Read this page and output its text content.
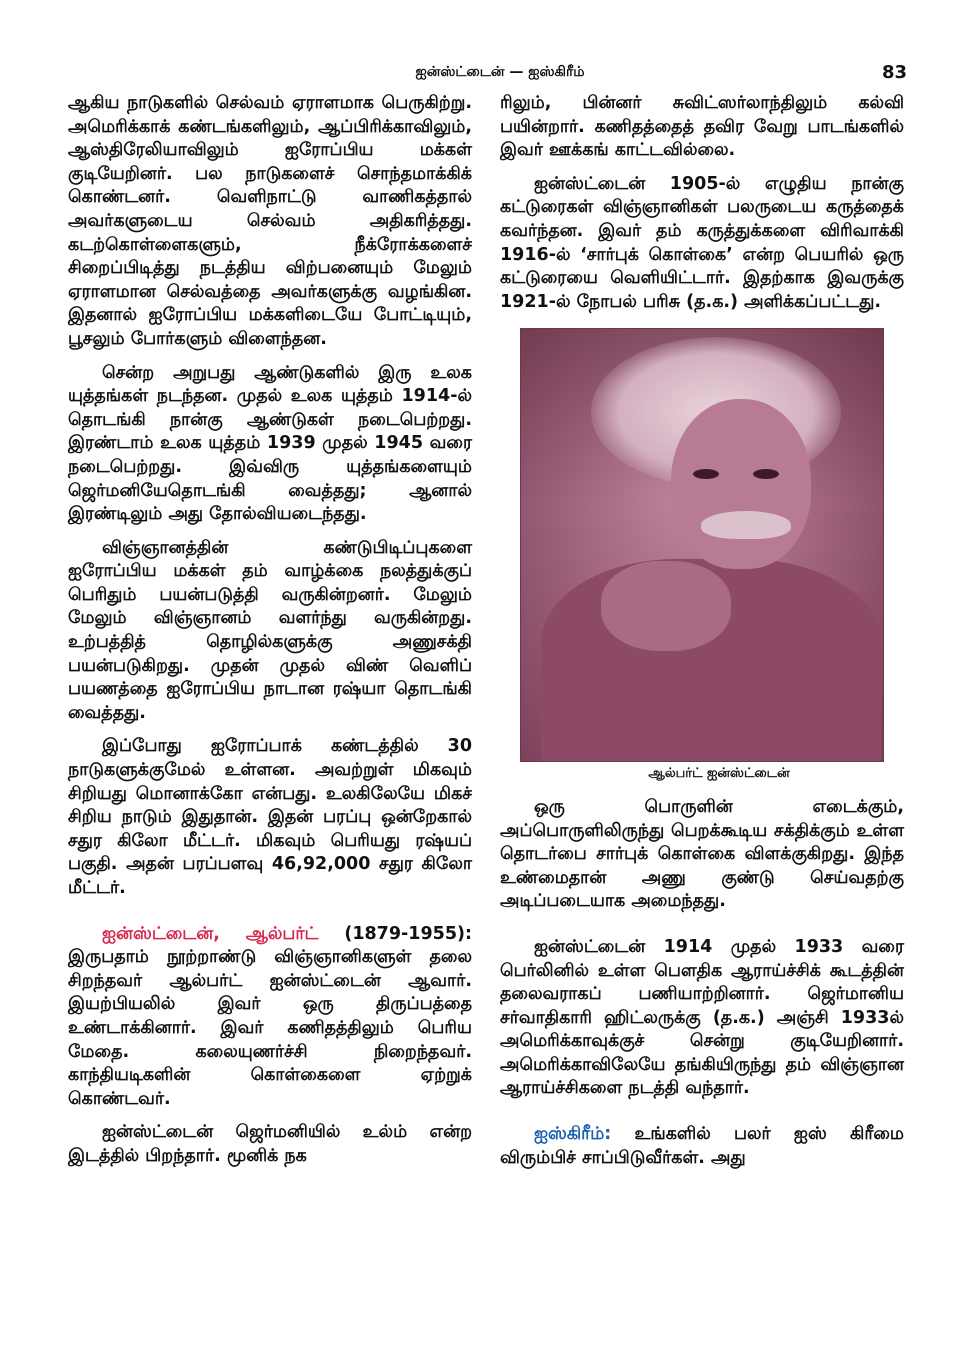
ஐன்ஸ்ட்டைன் — ஐஸ்கிரீம்	83

ஆகிய நாடுகளில் செல்வம் ஏராளமாக பெருகிற்று. அமெரிக்காக் கண்டங்களிலும், ஆப்பிரிக்காவிலும், ஆஸ்திரேலியாவிலும் ஐரோப்பிய மக்கள் குடியேறினர். பல நாடுகளைச் சொந்தமாக்கிக் கொண்டனர். வெளிநாட்டு வாணிகத்தால் அவர்களுடைய செல்வம் அதிகரித்தது. கடற்கொள்ளைகளும், நீக்ரோக்களைச் சிறைப்பிடித்து நடத்திய விற்பனையும் மேலும் ஏராளமான செல்வத்தை அவர்களுக்கு வழங்கின. இதனால் ஐரோப்பிய மக்களிடையே போட்டியும், பூசலும் போர்களும் விளைந்தன.

சென்ற அறுபது ஆண்டுகளில் இரு உலக யுத்தங்கள் நடந்தன. முதல் உலக யுத்தம் 1914-ல் தொடங்கி நான்கு ஆண்டுகள் நடைபெற்றது. இரண்டாம் உலக யுத்தம் 1939 முதல் 1945 வரை நடைபெற்றது. இவ்விரு யுத்தங்களையும் ஜெர்மனியேதொடங்கி வைத்தது; ஆனால் இரண்டிலும் அது தோல்வியடைந்தது.

விஞ்ஞானத்தின் கண்டுபிடிப்புகளை ஐரோப்பிய மக்கள் தம் வாழ்க்கை நலத்துக்குப் பெரிதும் பயன்படுத்தி வருகின்றனர். மேலும் மேலும் விஞ்ஞானம் வளர்ந்து வருகின்றது. உற்பத்தித் தொழில்களுக்கு அணுசக்தி பயன்படுகிறது. முதன் முதல் விண் வெளிப் பயணத்தை ஐரோப்பிய நாடான ரஷ்யா தொடங்கி வைத்தது.

இப்போது ஐரோப்பாக் கண்டத்தில் 30 நாடுகளுக்குமேல் உள்ளன. அவற்றுள் மிகவும் சிறியது மொனாக்கோ என்பது. உலகிலேயே மிகச் சிறிய நாடும் இதுதான். இதன் பரப்பு ஒன்றேகால் சதுர கிலோ மீட்டர். மிகவும் பெரியது ரஷ்யப் பகுதி. அதன் பரப்பளவு 46,92,000 சதுர கிலோ மீட்டர்.

ஐன்ஸ்ட்டைன், ஆல்பர்ட் (1879-1955): இருபதாம் நூற்றாண்டு விஞ்ஞானிகளுள் தலை சிறந்தவர் ஆல்பர்ட் ஐன்ஸ்ட்டைன் ஆவார். இயற்பியலில் இவர் ஒரு திருப்பத்தை உண்டாக்கினார். இவர் கணிதத்திலும் பெரிய மேதை. கலையுணர்ச்சி நிறைந்தவர். காந்தியடிகளின் கொள்கைளை ஏற்றுக் கொண்டவர்.

ஐன்ஸ்ட்டைன் ஜெர்மனியில் உல்ம் என்ற இடத்தில் பிறந்தார். மூனிக் நக

ரிலும், பின்னர் சுவிட்ஸர்லாந்திலும் கல்வி பயின்றார். கணிதத்தைத் தவிர வேறு பாடங்களில் இவர் ஊக்கங் காட்டவில்லை.

ஐன்ஸ்ட்டைன் 1905-ல் எழுதிய நான்கு கட்டுரைகள் விஞ்ஞானிகள் பலருடைய கருத்தைக் கவர்ந்தன. இவர் தம் கருத்துக்களை விரிவாக்கி 1916-ல் ‘சார்புக் கொள்கை’ என்ற பெயரில் ஒரு கட்டுரையை வெளியிட்டார். இதற்காக இவருக்கு 1921-ல் நோபல் பரிசு (த.க.) அளிக்கப்பட்டது.

ஆல்பர்ட் ஐன்ஸ்ட்டைன்

ஒரு பொருளின் எடைக்கும், அப்பொருளிலிருந்து பெறக்கூடிய சக்திக்கும் உள்ள தொடர்பை சார்புக் கொள்கை விளக்குகிறது. இந்த உண்மைதான் அணு குண்டு செய்வதற்கு அடிப்படையாக அமைந்தது.

ஐன்ஸ்ட்டைன் 1914 முதல் 1933 வரை பெர்லினில் உள்ள பௌதிக ஆராய்ச்சிக் கூடத்தின் தலைவராகப் பணியாற்றினார். ஜெர்மானிய சர்வாதிகாரி ஹிட்லருக்கு (த.க.) அஞ்சி 1933ல் அமெரிக்காவுக்குச் சென்று குடியேறினார். அமெரிக்காவிலேயே தங்கியிருந்து தம் விஞ்ஞான ஆராய்ச்சிகளை நடத்தி வந்தார்.

ஐஸ்கிரீம்: உங்களில் பலர் ஐஸ் கிரீமை விரும்பிச் சாப்பிடுவீர்கள். அது
